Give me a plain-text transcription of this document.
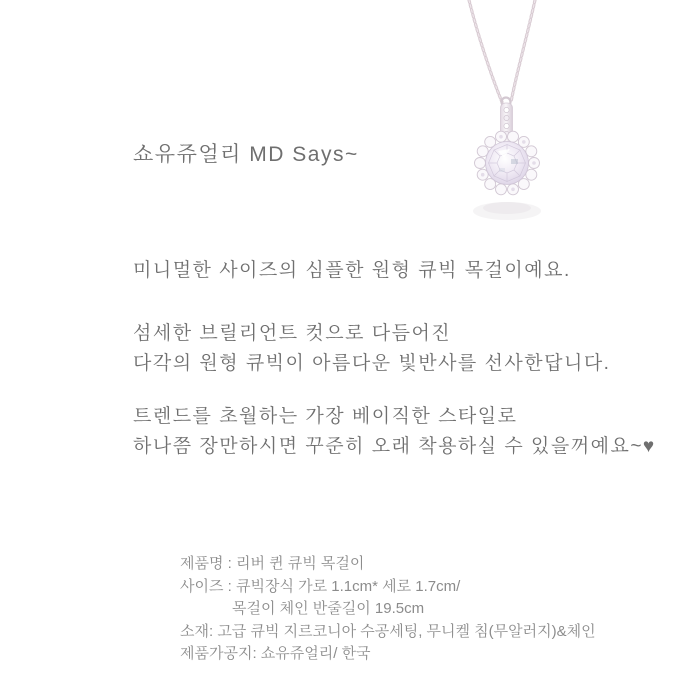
쇼유쥬얼리 MD Says~
미니멀한 사이즈의 심플한 원형 큐빅 목걸이예요.
섬세한 브릴리언트 컷으로 다듬어진
다각의 원형 큐빅이 아름다운 빛반사를 선사한답니다.
트렌드를 초월하는 가장 베이직한 스타일로
하나쯤 장만하시면 꾸준히 오래 착용하실 수 있을꺼예요~♥
제품명 : 리버 퀸 큐빅 목걸이
사이즈 : 큐빅장식 가로 1.1cm* 세로 1.7cm/
목걸이 체인 반줄길이 19.5cm
소재: 고급 큐빅 지르코니아 수공세팅, 무니켈 침(무알러지)&체인
제품가공지: 쇼유쥬얼리/ 한국
